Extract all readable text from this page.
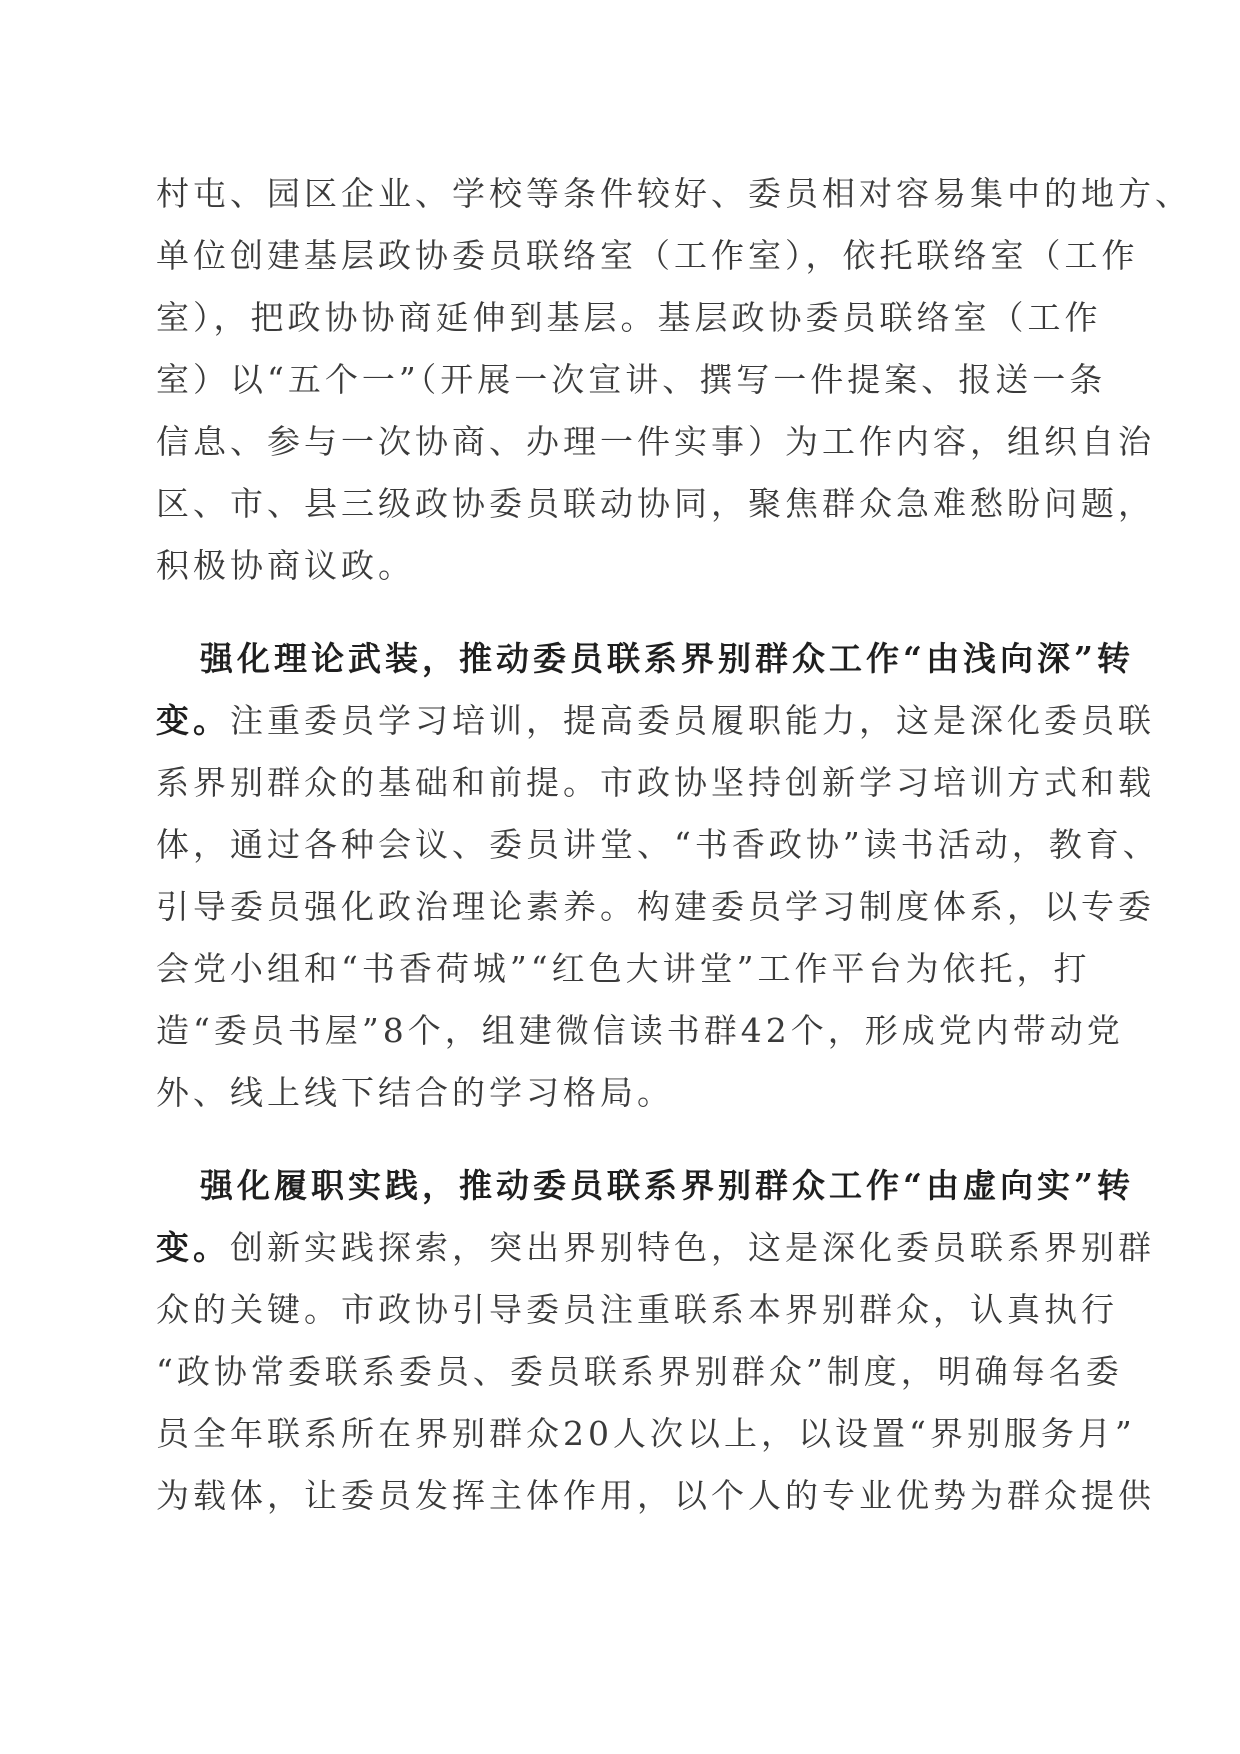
村屯、园区企业、学校等条件较好、委员相对容易集中的地方、
单位创建基层政协委员联络室（工作室），依托联络室（工作
室），把政协协商延伸到基层。基层政协委员联络室（工作
室）以“五个一”（开展一次宣讲、撰写一件提案、报送一条
信息、参与一次协商、办理一件实事）为工作内容，组织自治
区、市、县三级政协委员联动协同，聚焦群众急难愁盼问题，
积极协商议政。
强化理论武装，推动委员联系界别群众工作“由浅向深”转
变。注重委员学习培训，提高委员履职能力，这是深化委员联
系界别群众的基础和前提。市政协坚持创新学习培训方式和载
体，通过各种会议、委员讲堂、“书香政协”读书活动，教育、
引导委员强化政治理论素养。构建委员学习制度体系，以专委
会党小组和“书香荷城”“红色大讲堂”工作平台为依托，打
造“委员书屋”8个，组建微信读书群42个，形成党内带动党
外、线上线下结合的学习格局。
强化履职实践，推动委员联系界别群众工作“由虚向实”转
变。创新实践探索，突出界别特色，这是深化委员联系界别群
众的关键。市政协引导委员注重联系本界别群众，认真执行
“政协常委联系委员、委员联系界别群众”制度，明确每名委
员全年联系所在界别群众20人次以上，以设置“界别服务月”
为载体，让委员发挥主体作用，以个人的专业优势为群众提供
